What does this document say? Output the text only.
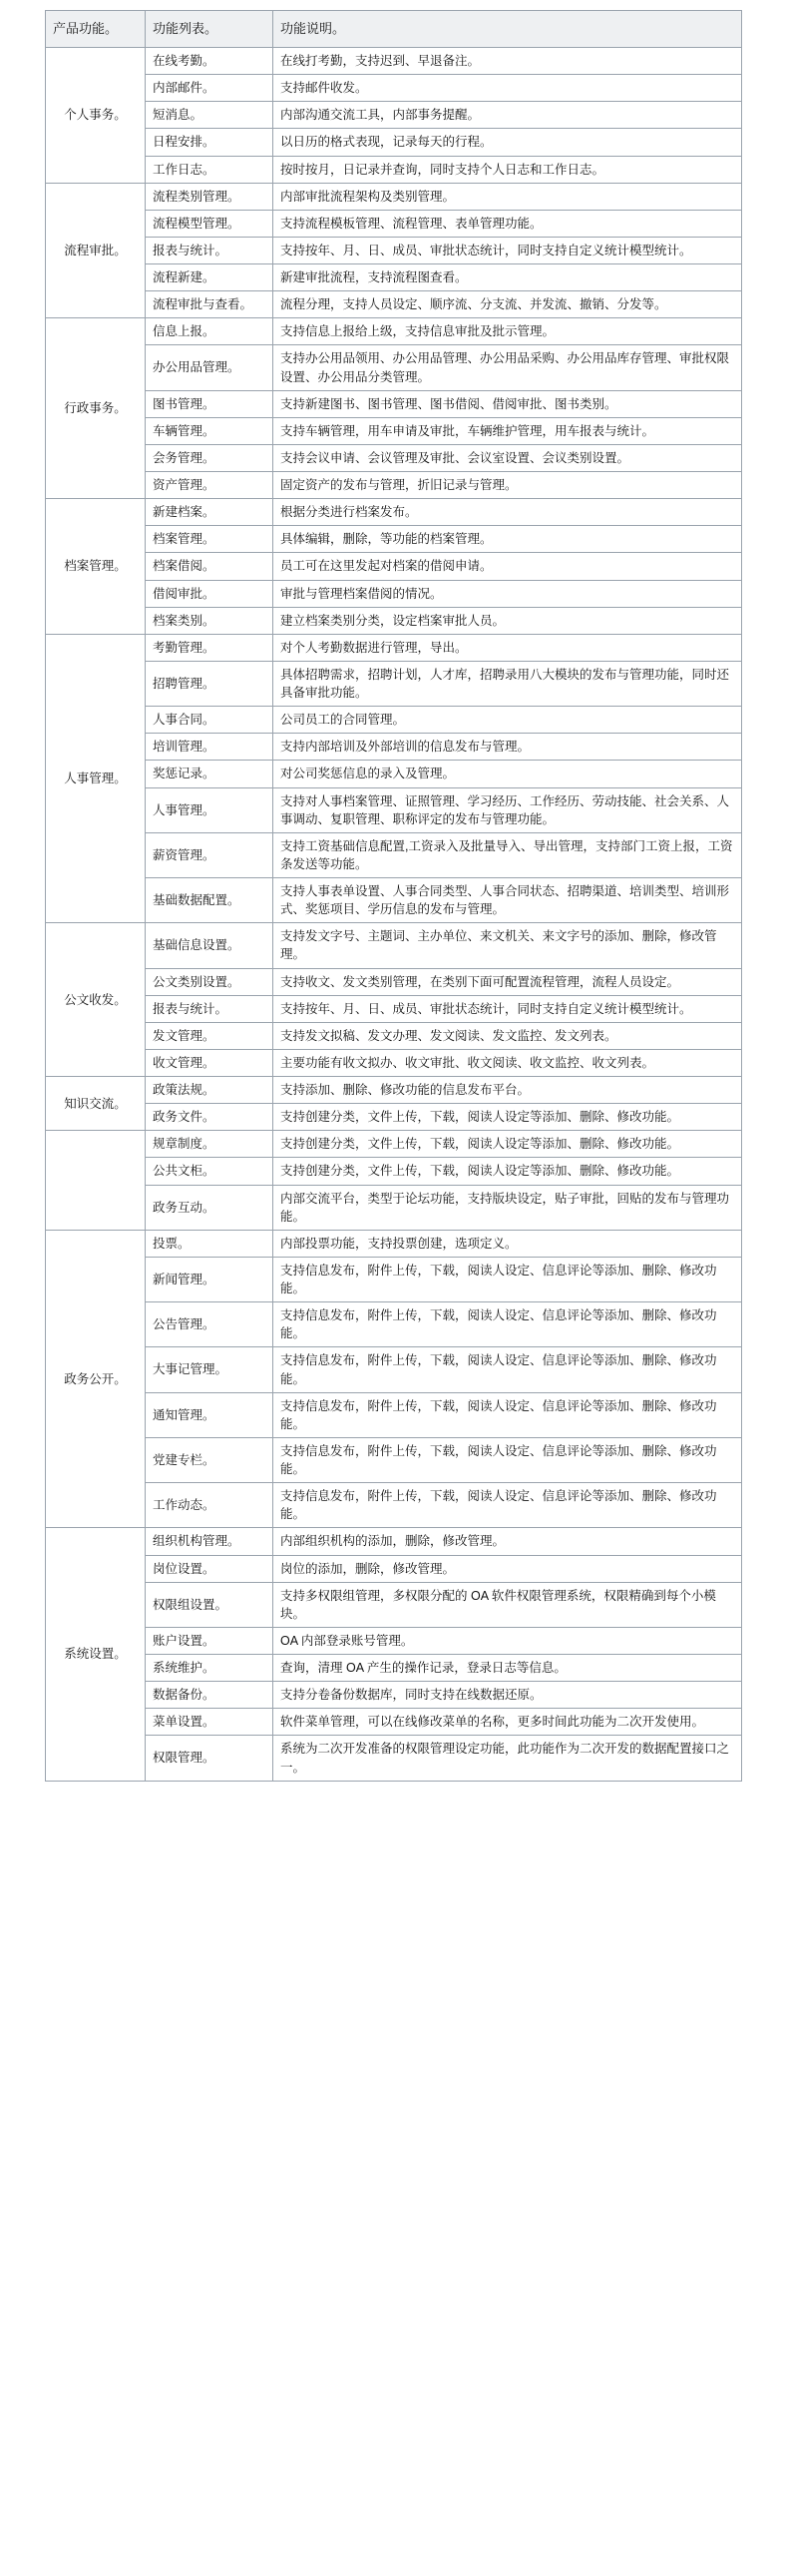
产品功能。	功能列表。	功能说明。
个人事务。	在线考勤。	在线打考勤，支持迟到、早退备注。
	内部邮件。	支持邮件收发。
	短消息。	内部沟通交流工具，内部事务提醒。
	日程安排。	以日历的格式表现，记录每天的行程。
	工作日志。	按时按月，日记录并查询，同时支持个人日志和工作日志。
流程审批。	流程类别管理。	内部审批流程架构及类别管理。
	流程模型管理。	支持流程模板管理、流程管理、表单管理功能。
	报表与统计。	支持按年、月、日、成员、审批状态统计，同时支持自定义统计模型统计。
	流程新建。	新建审批流程，支持流程图查看。
	流程审批与查看。	流程分理，支持人员设定、顺序流、分支流、并发流、撤销、分发等。
行政事务。	信息上报。	支持信息上报给上级，支持信息审批及批示管理。
	办公用品管理。	支持办公用品领用、办公用品管理、办公用品采购、办公用品库存管理、审批权限设置、办公用品分类管理。
	图书管理。	支持新建图书、图书管理、图书借阅、借阅审批、图书类别。
	车辆管理。	支持车辆管理，用车申请及审批，车辆维护管理，用车报表与统计。
	会务管理。	支持会议申请、会议管理及审批、会议室设置、会议类别设置。
	资产管理。	固定资产的发布与管理，折旧记录与管理。
档案管理。	新建档案。	根据分类进行档案发布。
	档案管理。	具体编辑，删除，等功能的档案管理。
	档案借阅。	员工可在这里发起对档案的借阅申请。
	借阅审批。	审批与管理档案借阅的情况。
	档案类别。	建立档案类别分类，设定档案审批人员。
人事管理。	考勤管理。	对个人考勤数据进行管理，导出。
	招聘管理。	具体招聘需求，招聘计划，人才库，招聘录用八大模块的发布与管理功能，同时还具备审批功能。
	人事合同。	公司员工的合同管理。
	培训管理。	支持内部培训及外部培训的信息发布与管理。
	奖惩记录。	对公司奖惩信息的录入及管理。
	人事管理。	支持对人事档案管理、证照管理、学习经历、工作经历、劳动技能、社会关系、人事调动、复职管理、职称评定的发布与管理功能。
	薪资管理。	支持工资基础信息配置,工资录入及批量导入、导出管理，支持部门工资上报，工资条发送等功能。
	基础数据配置。	支持人事表单设置、人事合同类型、人事合同状态、招聘渠道、培训类型、培训形式、奖惩项目、学历信息的发布与管理。
公文收发。	基础信息设置。	支持发文字号、主题词、主办单位、来文机关、来文字号的添加、删除，修改管理。
	公文类别设置。	支持收文、发文类别管理，在类别下面可配置流程管理，流程人员设定。
	报表与统计。	支持按年、月、日、成员、审批状态统计，同时支持自定义统计模型统计。
	发文管理。	支持发文拟稿、发文办理、发文阅读、发文监控、发文列表。
	收文管理。	主要功能有收文拟办、收文审批、收文阅读、收文监控、收文列表。
知识交流。	政策法规。	支持添加、删除、修改功能的信息发布平台。
	政务文件。	支持创建分类，文件上传，下载，阅读人设定等添加、删除、修改功能。
	规章制度。	支持创建分类，文件上传，下载，阅读人设定等添加、删除、修改功能。
	公共文柜。	支持创建分类，文件上传，下载，阅读人设定等添加、删除、修改功能。
	政务互动。	内部交流平台，类型于论坛功能，支持版块设定，贴子审批，回贴的发布与管理功能。
政务公开。	投票。	内部投票功能，支持投票创建，选项定义。
	新闻管理。	支持信息发布，附件上传，下载，阅读人设定、信息评论等添加、删除、修改功能。
	公告管理。	支持信息发布，附件上传，下载，阅读人设定、信息评论等添加、删除、修改功能。
	大事记管理。	支持信息发布，附件上传，下载，阅读人设定、信息评论等添加、删除、修改功能。
	通知管理。	支持信息发布，附件上传，下载，阅读人设定、信息评论等添加、删除、修改功能。
	党建专栏。	支持信息发布，附件上传，下载，阅读人设定、信息评论等添加、删除、修改功能。
	工作动态。	支持信息发布，附件上传，下载，阅读人设定、信息评论等添加、删除、修改功能。
系统设置。	组织机构管理。	内部组织机构的添加，删除，修改管理。
	岗位设置。	岗位的添加，删除，修改管理。
	权限组设置。	支持多权限组管理，多权限分配的 OA 软件权限管理系统，权限精确到每个小模块。
	账户设置。	OA 内部登录账号管理。
	系统维护。	查询，清理 OA 产生的操作记录，登录日志等信息。
	数据备份。	支持分卷备份数据库，同时支持在线数据还原。
	菜单设置。	软件菜单管理，可以在线修改菜单的名称，更多时间此功能为二次开发使用。
	权限管理。	系统为二次开发准备的权限管理设定功能，此功能作为二次开发的数据配置接口之一。
